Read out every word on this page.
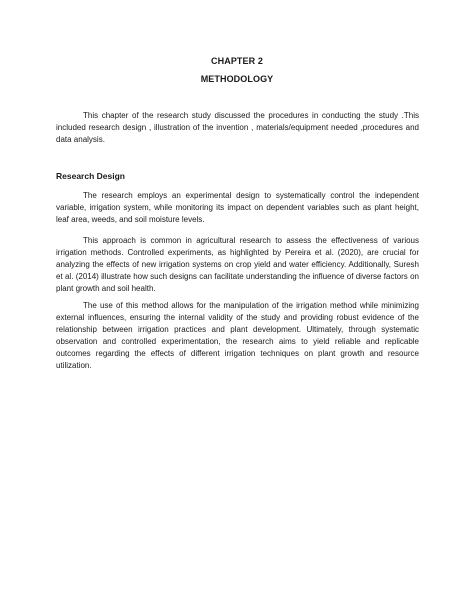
CHAPTER 2
METHODOLOGY

This chapter of the research study discussed the procedures in conducting the study .This included research design , illustration of the invention , materials/equipment needed ,procedures and data analysis.

Research Design

The research employs an experimental design to systematically control the independent variable, irrigation system, while monitoring its impact on dependent variables such as plant height, leaf area, weeds, and soil moisture levels.

This approach is common in agricultural research to assess the effectiveness of various irrigation methods. Controlled experiments, as highlighted by Pereira et al. (2020), are crucial for analyzing the effects of new irrigation systems on crop yield and water efficiency. Additionally, Suresh et al. (2014) illustrate how such designs can facilitate understanding the influence of diverse factors on plant growth and soil health.

The use of this method allows for the manipulation of the irrigation method while minimizing external influences, ensuring the internal validity of the study and providing robust evidence of the relationship between irrigation practices and plant development. Ultimately, through systematic observation and controlled experimentation, the research aims to yield reliable and replicable outcomes regarding the effects of different irrigation techniques on plant growth and resource utilization.
